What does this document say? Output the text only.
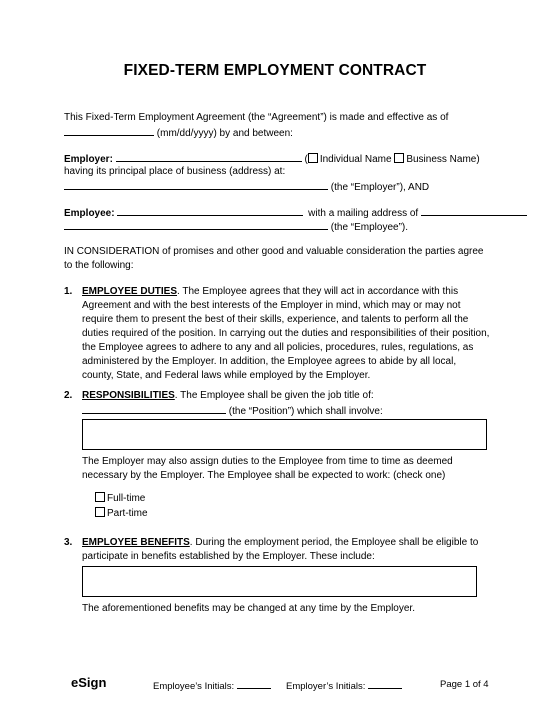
FIXED-TERM EMPLOYMENT CONTRACT
This Fixed-Term Employment Agreement (the “Agreement”) is made and effective as of
(mm/dd/yyyy) by and between:
Employer:	( Individual Name Business Name)
having its principal place of business (address) at:
(the “Employer”), AND
Employee:	with a mailing address of
(the “Employee”).
IN CONSIDERATION of promises and other good and valuable consideration the parties agree
to the following:
1. EMPLOYEE DUTIES. The Employee agrees that they will act in accordance with this
Agreement and with the best interests of the Employer in mind, which may or may not
require them to present the best of their skills, experience, and talents to perform all the
duties required of the position. In carrying out the duties and responsibilities of their position,
the Employee agrees to adhere to any and all policies, procedures, rules, regulations, as
administered by the Employer. In addition, the Employee agrees to abide by all local,
county, State, and Federal laws while employed by the Employer.
2. RESPONSIBILITIES. The Employee shall be given the job title of:
(the “Position”) which shall involve:
The Employer may also assign duties to the Employee from time to time as deemed
necessary by the Employer. The Employee shall be expected to work: (check one)
Full-time
Part-time
3. EMPLOYEE BENEFITS. During the employment period, the Employee shall be eligible to
participate in benefits established by the Employer. These include:
The aforementioned benefits may be changed at any time by the Employer.
eSign	Employee’s Initials:	Employer’s Initials:	Page 1 of 4
